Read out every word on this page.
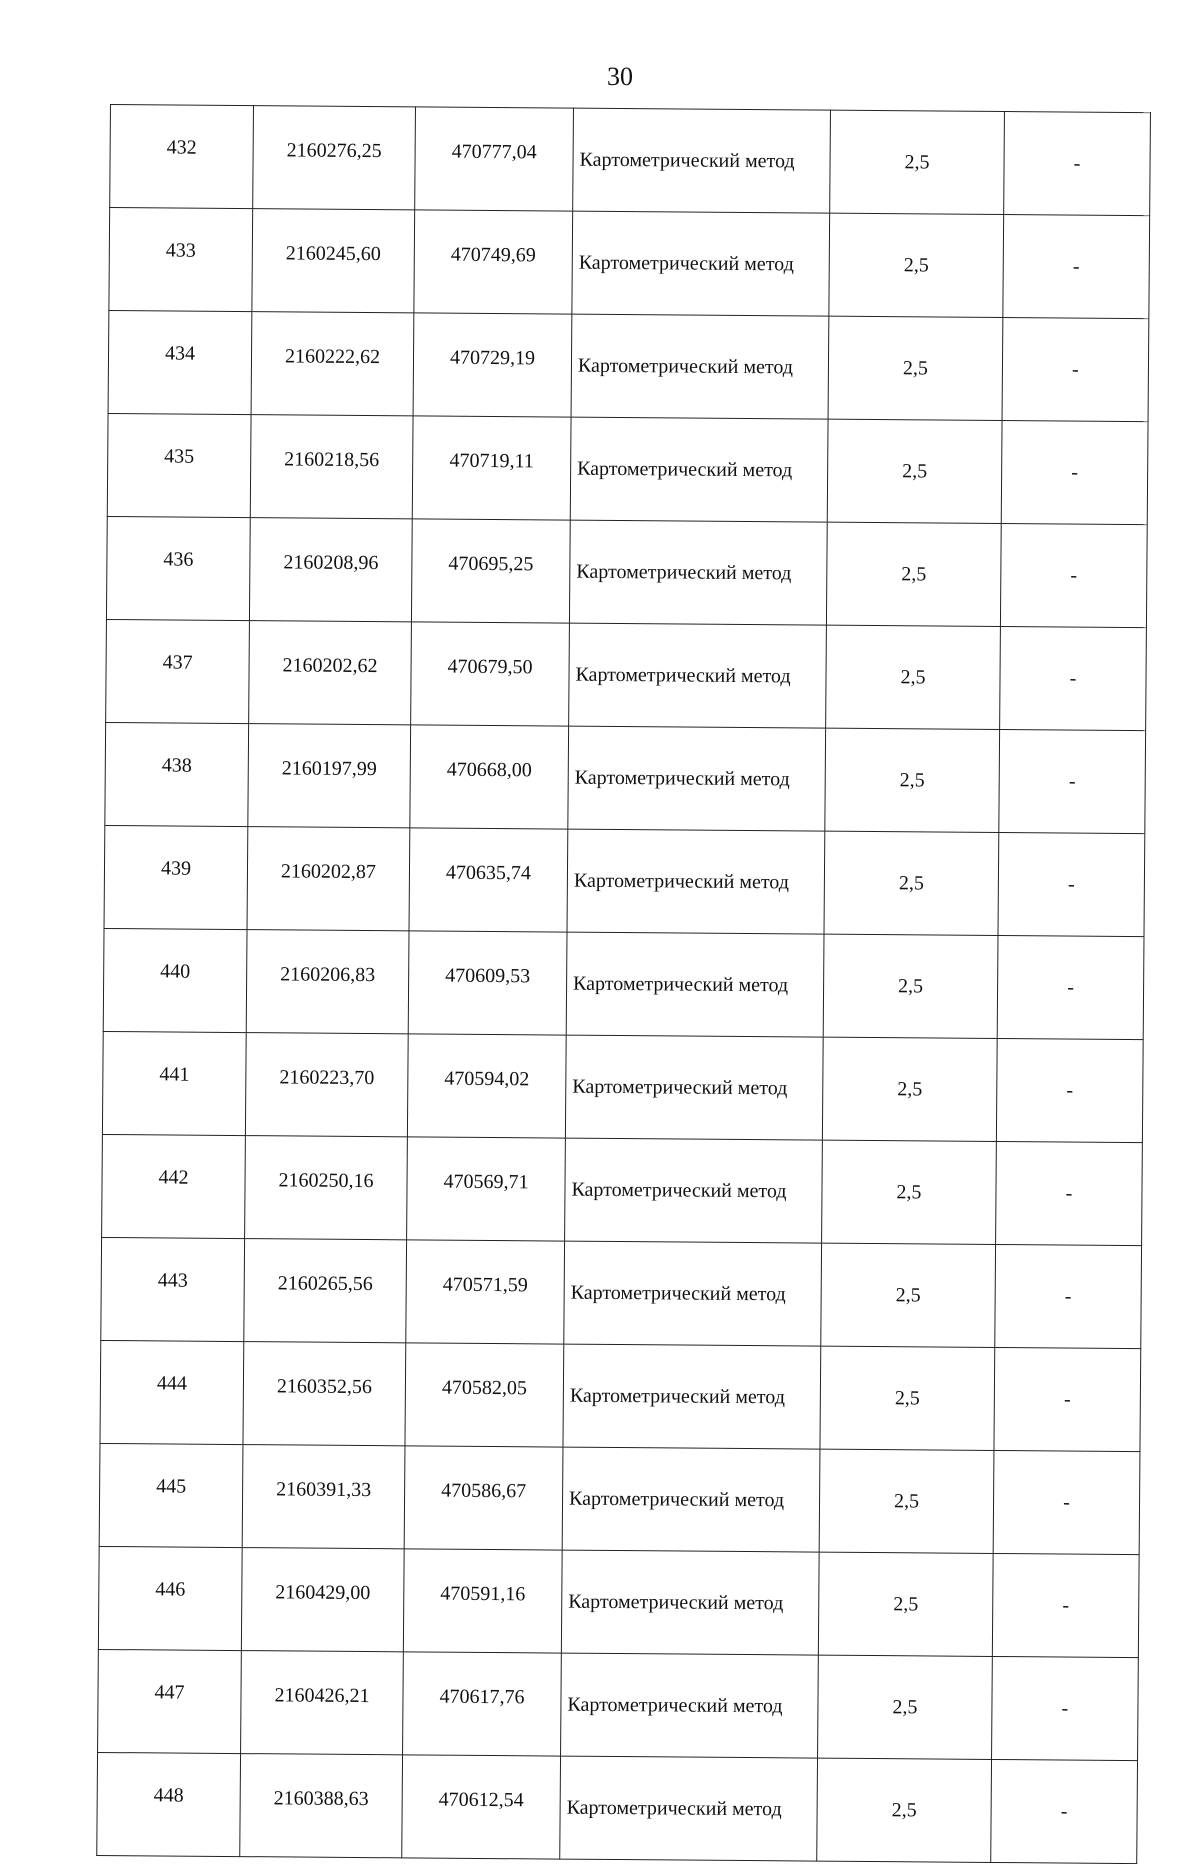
30
432	2160276,25	470777,04	Картометрический метод	2,5	-
433	2160245,60	470749,69	Картометрический метод	2,5	-
434	2160222,62	470729,19	Картометрический метод	2,5	-
435	2160218,56	470719,11	Картометрический метод	2,5	-
436	2160208,96	470695,25	Картометрический метод	2,5	-
437	2160202,62	470679,50	Картометрический метод	2,5	-
438	2160197,99	470668,00	Картометрический метод	2,5	-
439	2160202,87	470635,74	Картометрический метод	2,5	-
440	2160206,83	470609,53	Картометрический метод	2,5	-
441	2160223,70	470594,02	Картометрический метод	2,5	-
442	2160250,16	470569,71	Картометрический метод	2,5	-
443	2160265,56	470571,59	Картометрический метод	2,5	-
444	2160352,56	470582,05	Картометрический метод	2,5	-
445	2160391,33	470586,67	Картометрический метод	2,5	-
446	2160429,00	470591,16	Картометрический метод	2,5	-
447	2160426,21	470617,76	Картометрический метод	2,5	-
448	2160388,63	470612,54	Картометрический метод	2,5	-
